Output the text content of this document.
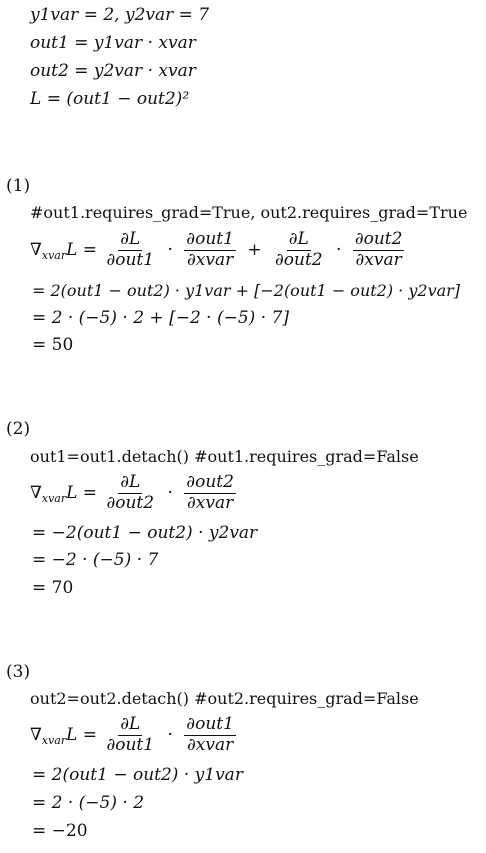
y1var = 2, y2var = 7
out1 = y1var · xvar
out2 = y2var · xvar
L = (out1 − out2)²
(1)
#out1.requires_grad=True, out2.requires_grad=True
$\nabla_{xvar}L = \frac{\partial L}{\text{∂out1}} \cdot \frac{\text{∂out1}}{\text{∂xvar}} + \frac{\partial L}{\text{∂out2}} \cdot \frac{\text{∂out2}}{\text{∂xvar}}$
= 2(out1 − out2) · y1var + [−2(out1 − out2) · y2var]
= 2 · (−5) · 2 + [−2 · (−5) · 7]
= 50
(2)
out1=out1.detach() #out1.requires_grad=False
$\nabla_{xvar}L = \frac{\partial L}{\text{∂out2}} \cdot \frac{\text{∂out2}}{\text{∂xvar}}$
= −2(out1 − out2) · y2var
= −2 · (−5) · 7
= 70
(3)
out2=out2.detach() #out2.requires_grad=False
$\nabla_{xvar}L = \frac{\partial L}{\text{∂out1}} \cdot \frac{\text{∂out1}}{\text{∂xvar}}$
= 2(out1 − out2) · y1var
= 2 · (−5) · 2
= −20
